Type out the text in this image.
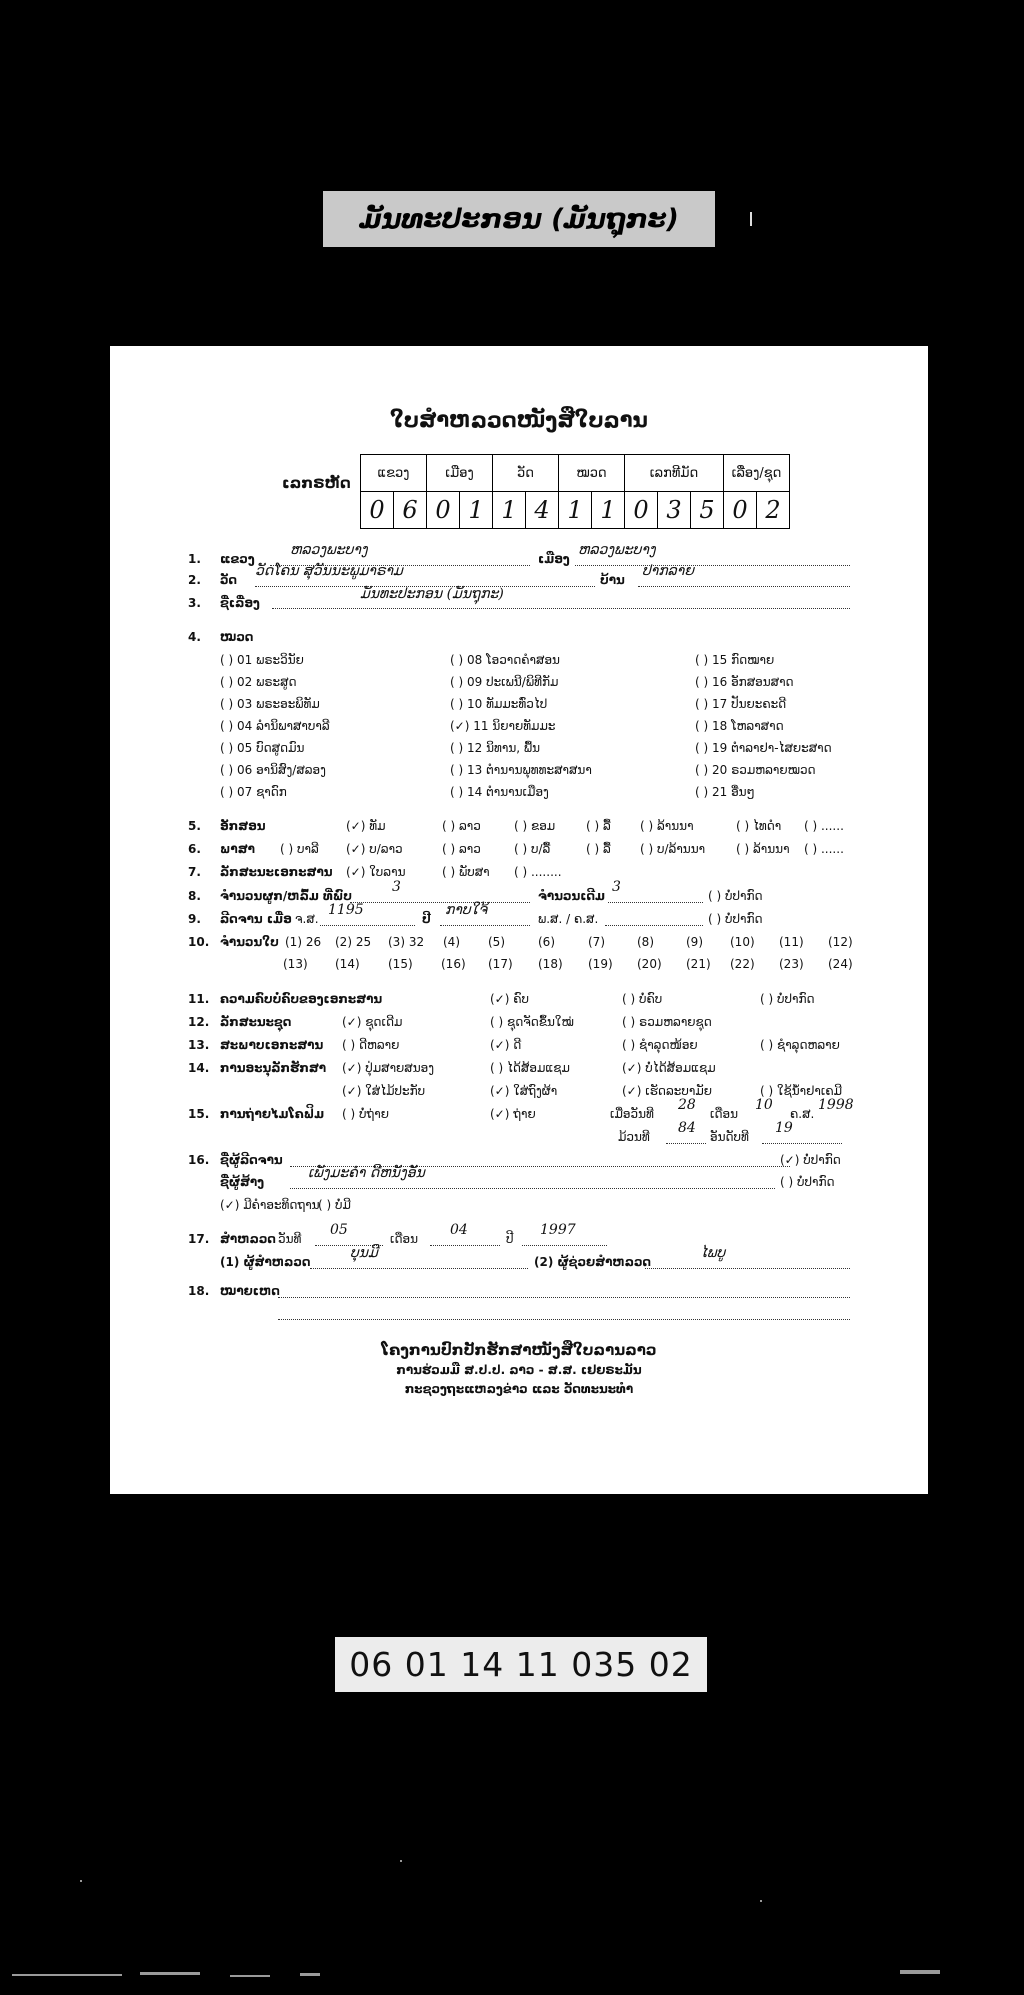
ມັນທະປະກອນ (ມັນຖຸກະ)
ໃບສຳຫລວດໜັງສືໃບລານ
ເລກຣຫັດ
ແຂວງ		ເມືອງ		ວັດ		ໝວດ		ເລກທີມັດ			ເລື່ອງ/ຊຸດ	
0	6	0	1	1	4	1	1	0	3	5	0	2
1. ແຂວງ
ຫລວງພະບາງ
ເມືອງ
ຫລວງພະບາງ
2. ວັດ
ວັດໂຄນ ສຸວັນນະພູມາຣາມ
ບ້ານ
ປາກລາຍ
3. ຊື່ເລື່ອງ
ມັນທະປະກອນ (ມັນຖຸກະ)
4. ໝວດ
( ) 01 ພຣະວິນັຍ	( ) 08 ໂອວາດຄຳສອນ	( ) 15 ກົດໝາຍ
( ) 02 ພຣະສູດ	( ) 09 ປະເພນີ/ພິທີກັມ	( ) 16 ອັກສອນສາດ
( ) 03 ພຣະອະພິທັມ	( ) 10 ທັມມະທົ່ວໄປ	( ) 17 ປັນຍະຄະດີ
( ) 04 ລຳນິພາສາບາລີ	(✓) 11 ນິຍາຍທັມມະ	( ) 18 ໂຫລາສາດ
( ) 05 ບົດສູດມົນ	( ) 12 ນິທານ, ພື້ນ	( ) 19 ຕຳລາຢາ-ໄສຍະສາດ
( ) 06 ອານິສົງ/ສລອງ	( ) 13 ຕຳນານພຸທທະສາສນາ	( ) 20 ຣວມຫລາຍໝວດ
( ) 07 ຊາດົກ	( ) 14 ຕຳນານເມືອງ	( ) 21 ອື່ນໆ
5. ອັກສອນ	(✓) ທັມ	( ) ລາວ	( ) ຂອມ	( ) ລື້ ( ) ລ້ານນາ	( ) ໄທດຳ ( ) ......
6. ພາສາ ( ) ບາລີ (✓) ບ/ລາວ	( ) ລາວ	( ) ບ/ລື້	( ) ລື້ ( ) ບ/ລ້ານນາ	( ) ລ້ານນາ ( ) ......
7. ລັກສະນະເອກະສານ (✓) ໃບລານ	( ) ພັບສາ ( ) ........
8. ຈຳນວນຜູກ/ຫລົ້ມ ທີ່ພົບ
3
ຈຳນວນເດີມ
3
( ) ບໍ່ປາກົດ
9. ລີດຈານ ເມື່ອ ຈ.ສ.
1195
ປີ
ກາບໃຈ້
ພ.ສ. / ຄ.ສ.	( ) ບໍ່ປາກົດ
10. ຈຳນວນໃບ (1) 26 (2) 25 (3) 32 (4) (5)	(6)	(7)	(8)	(9) (10) (11) (12)
(13) (14) (15) (16) (17) (18) (19) (20) (21) (22) (23) (24)
11. ຄວາມຄົບບໍ່ຄົບຂອງເອກະສານ	(✓) ຄົບ	( ) ບໍ່ຄົບ	( ) ບໍ່ປາກົດ
12. ລັກສະນະຊຸດ	(✓) ຊຸດເດີມ	( ) ຊຸດຈັດຂຶ້ນໃໝ່	( ) ຣວມຫລາຍຊຸດ
13. ສະພາບເອກະສານ ( ) ດີຫລາຍ	(✓) ດີ	( ) ຊຳລຸດໜ້ອຍ	( ) ຊຳລຸດຫລາຍ
14. ການອະນຸລັກຮັກສາ (✓) ປຸ່ມສາຍສນອງ	( ) ໄດ້ສ້ອມແຊມ	(✓) ບໍ່ໄດ້ສ້ອມແຊມ
(✓) ໃສ່ໄມ້ປະກັບ	(✓) ໃສ່ຖົງຜ້າ	(✓) ເຮັດລະບາມັຍ	( ) ໃຊ້ນ້ຳຢາເຄມີ
15. ການຖ່າຍໄມໂຄຟິມ ( ) ບໍ່ຖ່າຍ	(✓) ຖ່າຍ	ເມື່ອວັນທີ
28
ເດືອນ
10
ຄ.ສ.
1998
ມ້ວນທີ
84
ອັນດັບທີ
19
16. ຊື່ຜູ້ລີດຈານ	(✓) ບໍ່ປາກົດ
ຊື່ຜູ້ສ້າງ
ເພັງມະຄຳ ດີຫນັງອັນ
( ) ບໍ່ປາກົດ
(✓) ມີຄຳອະທິດຖານ
( ) ບໍ່ມີ
17. ສຳຫລວດ ວັນທີ
05
ເດືອນ
04
ປີ
1997
(1) ຜູ້ສຳຫລວດ
ບຸນມີ
(2) ຜູ້ຊ່ວຍສຳຫລວດ
ໄພບູ
18. ໝາຍເຫດ
ໂຄງການປົກປັກຮັກສາໜັງສືໃບລານລາວ
ການຮ່ວມມື ສ.ປ.ປ. ລາວ - ສ.ສ. ເຢຍຣະມັນ
ກະຊວງຖະແຫລງຂ່າວ ແລະ ວັດທະນະທຳ
06 01 14 11 035 02
